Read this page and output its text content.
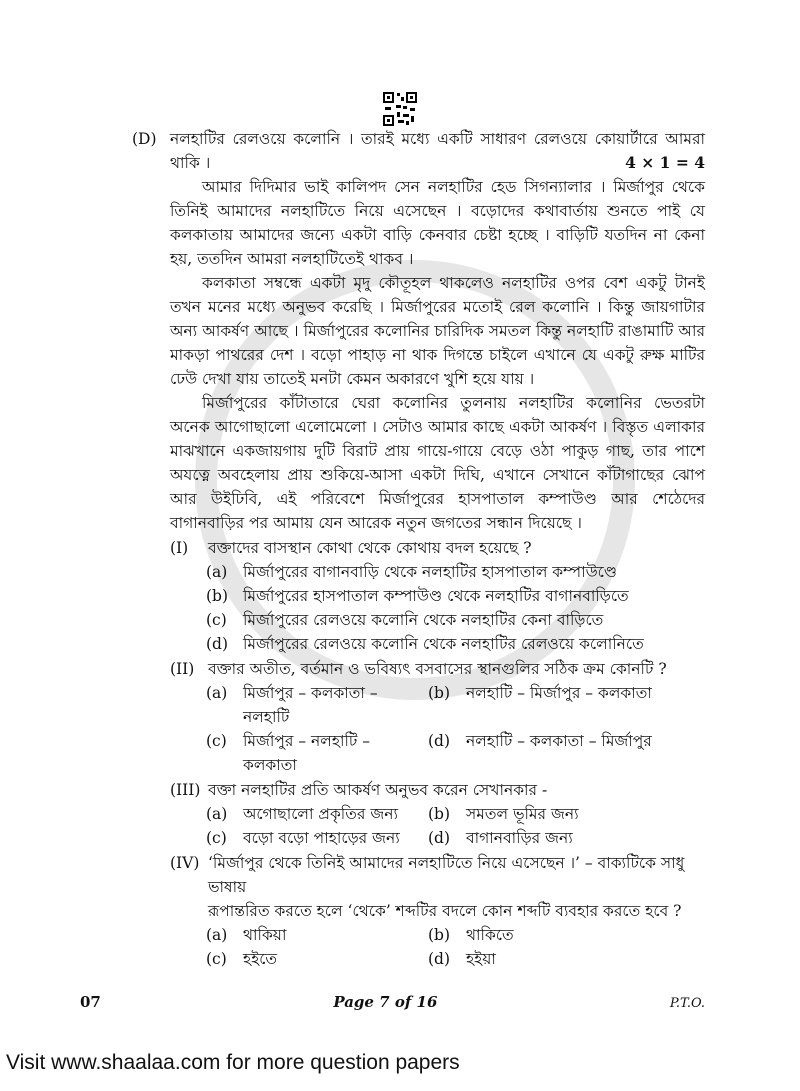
(D) নলহাটির রেলওয়ে কলোনি । তারই মধ্যে একটি সাধারণ রেলওয়ে কোয়ার্টারে আমরা
থাকি ।	4 × 1 = 4
আমার দিদিমার ভাই কালিপদ সেন নলহাটির হেড সিগন্যালার । মির্জাপুর থেকে
তিনিই আমাদের নলহাটিতে নিয়ে এসেছেন । বড়োদের কথাবার্তায় শুনতে পাই যে
কলকাতায় আমাদের জন্যে একটা বাড়ি কেনবার চেষ্টা হচ্ছে । বাড়িটি যতদিন না কেনা
হয়, ততদিন আমরা নলহাটিতেই থাকব ।
কলকাতা সম্বন্ধে একটা মৃদু কৌতূহল থাকলেও নলহাটির ওপর বেশ একটু টানই
তখন মনের মধ্যে অনুভব করেছি । মির্জাপুরের মতোই রেল কলোনি । কিন্তু জায়গাটার
অন্য আকর্ষণ আছে । মির্জাপুরের কলোনির চারিদিক সমতল কিন্তু নলহাটি রাঙামাটি আর
মাকড়া পাথরের দেশ । বড়ো পাহাড় না থাক দিগন্তে চাইলে এখানে যে একটু রুক্ষ মাটির
ঢেউ দেখা যায় তাতেই মনটা কেমন অকারণে খুশি হয়ে যায় ।
মির্জাপুরের কাঁটাতারে ঘেরা কলোনির তুলনায় নলহাটির কলোনির ভেতরটা
অনেক আগোছালো এলোমেলো । সেটাও আমার কাছে একটা আকর্ষণ । বিস্তৃত এলাকার
মাঝখানে একজায়গায় দুটি বিরাট প্রায় গায়ে-গায়ে বেড়ে ওঠা পাকুড় গাছ, তার পাশে
অযত্নে অবহেলায় প্রায় শুকিয়ে-আসা একটা দিঘি, এখানে সেখানে কাঁটাগাছের ঝোপ
আর উইঢিবি, এই পরিবেশে মির্জাপুরের হাসপাতাল কম্পাউণ্ড আর শেঠেদের
বাগানবাড়ির পর আমায় যেন আরেক নতুন জগতের সন্ধান দিয়েছে ।
(I)	বক্তাদের বাসস্থান কোথা থেকে কোথায় বদল হয়েছে ?
(a)	মির্জাপুরের বাগানবাড়ি থেকে নলহাটির হাসপাতাল কম্পাউণ্ডে
(b) মির্জাপুরের হাসপাতাল কম্পাউণ্ড থেকে নলহাটির বাগানবাড়িতে
(c)	মির্জাপুরের রেলওয়ে কলোনি থেকে নলহাটির কেনা বাড়িতে
(d) মির্জাপুরের রেলওয়ে কলোনি থেকে নলহাটির রেলওয়ে কলোনিতে
(II) বক্তার অতীত, বর্তমান ও ভবিষ্যৎ বসবাসের স্থানগুলির সঠিক ক্রম কোনটি ?
(a)	মির্জাপুর – কলকাতা – নলহাটি
(b)	নলহাটি – মির্জাপুর – কলকাতা
(c)	মির্জাপুর – নলহাটি – কলকাতা
(d)	নলহাটি – কলকাতা – মির্জাপুর
(III) বক্তা নলহাটির প্রতি আকর্ষণ অনুভব করেন সেখানকার -
(a)	অগোছালো প্রকৃতির জন্য	(b)	সমতল ভূমির জন্য
(c)	বড়ো বড়ো পাহাড়ের জন্য	(d)	বাগানবাড়ির জন্য
(IV) ‘মির্জাপুর থেকে তিনিই আমাদের নলহাটিতে নিয়ে এসেছেন ।’ – বাক্যটিকে সাধু ভাষায়
রূপান্তরিত করতে হলে ‘থেকে’ শব্দটির বদলে কোন শব্দটি ব্যবহার করতে হবে ?
(a)	থাকিয়া	(b)	থাকিতে
(c)	হইতে	(d)	হইয়া
07	Page 7 of 16	P.T.O.
Visit www.shaalaa.com for more question papers
